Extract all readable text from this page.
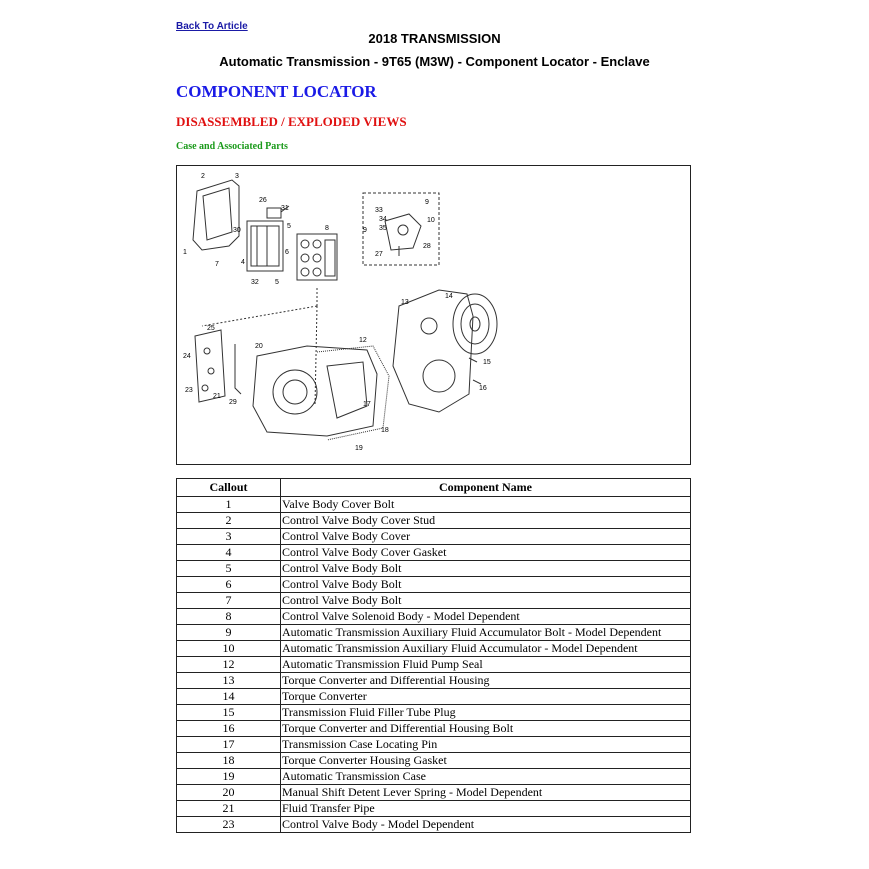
Back To Article
2018 TRANSMISSION
Automatic Transmission - 9T65 (M3W) - Component Locator - Enclave
COMPONENT LOCATOR
DISASSEMBLED / EXPLODED VIEWS
Case and Associated Parts
2	3
1
26
31
30
7	4
5
6
8
32 5
33
34
35
9
9
10
28
27
13
14
15
16
12
17
18
19
25
24
23
21
29
20
Callout	Component Name
1	Valve Body Cover Bolt
2	Control Valve Body Cover Stud
3	Control Valve Body Cover
4	Control Valve Body Cover Gasket
5	Control Valve Body Bolt
6	Control Valve Body Bolt
7	Control Valve Body Bolt
8	Control Valve Solenoid Body - Model Dependent
9	Automatic Transmission Auxiliary Fluid Accumulator Bolt - Model Dependent
10	Automatic Transmission Auxiliary Fluid Accumulator - Model Dependent
12	Automatic Transmission Fluid Pump Seal
13	Torque Converter and Differential Housing
14	Torque Converter
15	Transmission Fluid Filler Tube Plug
16	Torque Converter and Differential Housing Bolt
17	Transmission Case Locating Pin
18	Torque Converter Housing Gasket
19	Automatic Transmission Case
20	Manual Shift Detent Lever Spring - Model Dependent
21	Fluid Transfer Pipe
23	Control Valve Body - Model Dependent
